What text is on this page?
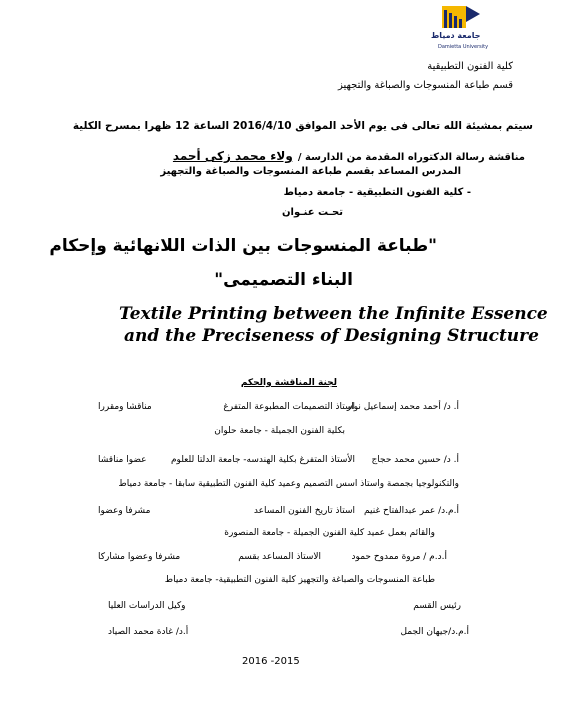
جامعة دمياط
Damietta University
كلية الفنون التطبيقية
قسم طباعة المنسوجات والصباغة والتجهيز
سيتم بمشيئة الله تعالى فى يوم الأحد الموافق 2016/4/10 الساعة 12 ظهرا بمسرح الكلية
مناقشة رسالة الدكتوراه المقدمة من الدارسة / ولاء محمد زكى أحمد
المدرس المساعد بقسم طباعة المنسوجات والصباغة والتجهيز
- كلية الفنون التطبيقية - جامعة دمياط
تحـت عنـوان
"طباعة المنسوجات بين الذات اللانهائية وإحكام
البناء التصميمى"
Textile Printing between the Infinite Essence
and the Preciseness of Designing Structure
لجنة المناقشة والحكم
أ. د/ أحمد محمد إسماعيل نوار
استاذ التصميمات المطبوعة المتفرغ
مناقشا ومقررا
بكلية الفنون الجميلة - جامعة حلوان
أ. د/ حسين محمد حجاج
الأستاذ المتفرغ بكلية الهندسه- جامعة الدلتا للعلوم
عضوا مناقشا
والتكنولوجيا بجمصة واستاذ اسس التصميم وعميد كلية الفنون التطبيقية سابقا - جامعة دمياط
أ.م.د/ عمر عبدالفتاح غنيم
استاذ تاريخ الفنون المساعد
مشرفا وعضوا
والقائم بعمل عميد كلية الفنون الجميلة - جامعة المنصورة
أ.د.م / مروة ممدوح حمود
الاستاذ المساعد بقسم
مشرفا وعضوا مشاركا
طباعة المنسوجات والصباغة والتجهيز كلية الفنون التطبيقية- جامعة دمياط
رئيس القسم
وكيل الدراسات العليا
أ.م.د/جيهان الجمل
أ.د/ غادة محمد الصياد
2016 -2015
